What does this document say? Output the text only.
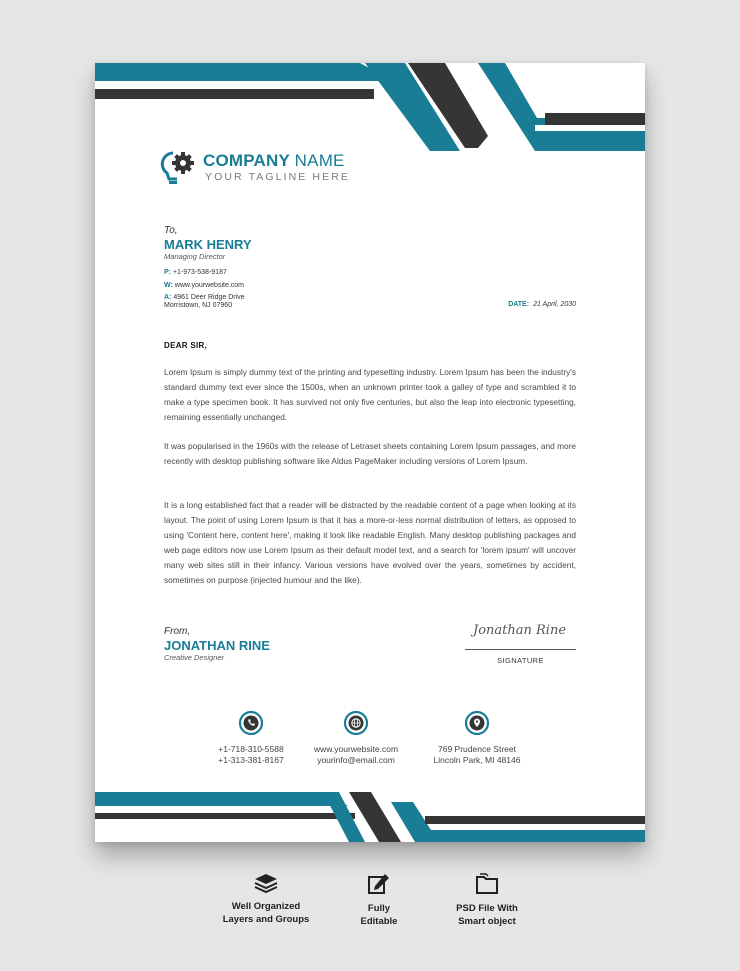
COMPANY NAME
YOUR TAGLINE HERE
To,
MARK HENRY
Managing Director
P: +1-973-538-9187
W: www.yourwebsite.com
A: 4961 Deer Ridge Drive
Morristown, NJ 07960	DATE: 21 April, 2030
DEAR SIR,
Lorem Ipsum is simply dummy text of the printing and typesetting industry. Lorem Ipsum has been the industry's standard dummy text ever since the 1500s, when an unknown printer took a galley of type and scrambled it to make a type specimen book. It has survived not only five centuries, but also the leap into electronic typesetting, remaining essentially unchanged.
It was popularised in the 1960s with the release of Letraset sheets containing Lorem Ipsum passages, and more recently with desktop publishing software like Aldus PageMaker including versions of Lorem Ipsum.
It is a long established fact that a reader will be distracted by the readable content of a page when looking at its layout. The point of using Lorem Ipsum is that it has a more-or-less normal distribution of letters, as opposed to using 'Content here, content here', making it look like readable English. Many desktop publishing packages and web page editors now use Lorem Ipsum as their default model text, and a search for 'lorem ipsum' will uncover many web sites still in their infancy. Various versions have evolved over the years, sometimes by accident, sometimes on purpose (injected humour and the like).
From,
JONATHAN RINE
Creative Designer
Jonathan Rine
SIGNATURE
+1-718-310-5588
+1-313-381-8167
www.yourwebsite.com
yourinfo@email.com
769 Prudence Street
Lincoln Park, MI 48146
Well Organized
Layers and Groups
Fully
Editable
PSD File With
Smart object
